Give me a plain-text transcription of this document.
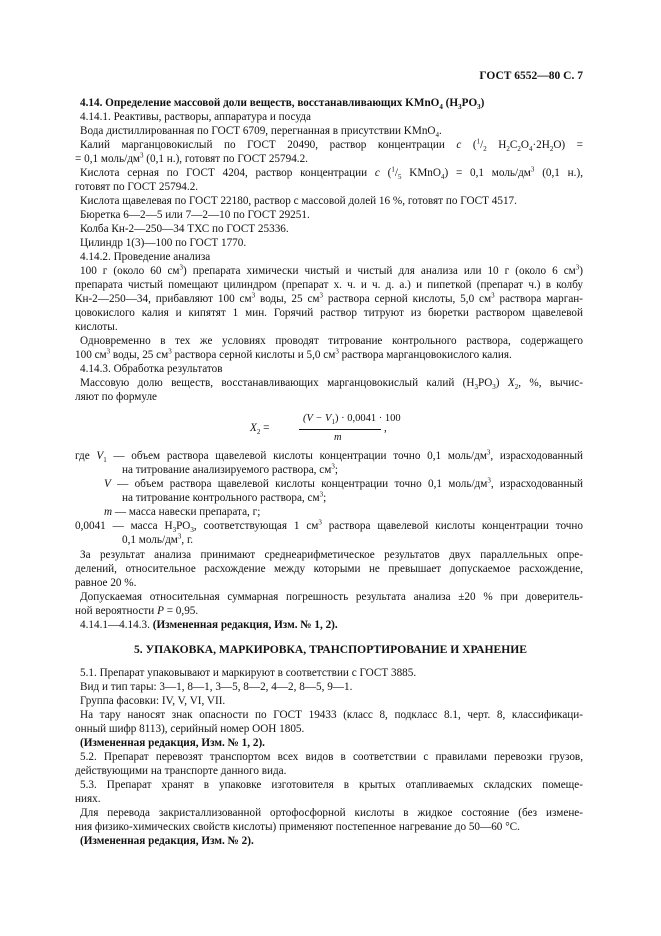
ГОСТ 6552—80 С. 7
4.14. Определение массовой доли веществ, восстанавливающих KMnO$_4$ $(H_3PO_3)$
4.14.1. Реактивы, растворы, аппаратура и посуда
Вода дистиллированная по ГОСТ 6709, перегнанная в присутствии KMnO$_4$.
Калий марганцовокислый по ГОСТ 20490, раствор концентрации c ($^1/_2$ $H_2C_2O_4\cdot 2H_2O$) =
= 0,1 моль/$дм^3$ (0,1 н.), готовят по ГОСТ 25794.2.
Кислота серная по ГОСТ 4204, раствор концентрации c ($^1/_5$ KMnO$_4$) = 0,1 моль/$дм^3$ (0,1 н.),
готовят по ГОСТ 25794.2.
Кислота щавелевая по ГОСТ 22180, раствор с массовой долей 16 %, готовят по ГОСТ 4517.
Бюретка 6—2—5 или 7—2—10 по ГОСТ 29251.
Колба Кн-2—250—34 ТХС по ГОСТ 25336.
Цилиндр 1(3)—100 по ГОСТ 1770.
4.14.2. Проведение анализа
100 г (около 60 $см^3$) препарата химически чистый и чистый для анализа или 10 г (около 6 $см^3$)
препарата чистый помещают цилиндром (препарат х. ч. и ч. д. а.) и пипеткой (препарат ч.) в колбу
Кн-2—250—34, прибавляют 100 $см^3$ воды, 25 $см^3$ раствора серной кислоты, 5,0 $см^3$ раствора марган-
цовокислого калия и кипятят 1 мин. Горячий раствор титруют из бюретки раствором щавелевой
кислоты.
Одновременно в тех же условиях проводят титрование контрольного раствора, содержащего
100 $см^3$ воды, 25 $см^3$ раствора серной кислоты и 5,0 $см^3$ раствора марганцовокислого калия.
4.14.3. Обработка результатов
Массовую долю веществ, восстанавливающих марганцовокислый калий $(H_3PO_3)$ $X_2$, %, вычис-
ляют по формуле
$X_2$ =
$(V - V_1) \cdot 0,0041 \cdot 100$
m
,
где $V_1$ — объем раствора щавелевой кислоты концентрации точно 0,1 моль/$дм^3$, израсходованный
на титрование анализируемого раствора, $см^3$;
V — объем раствора щавелевой кислоты концентрации точно 0,1 моль/$дм^3$, израсходованный
на титрование контрольного раствора, $см^3$;
m — масса навески препарата, г;
0,0041 — масса $H_3PO_3$, соответствующая 1 $см^3$ раствора щавелевой кислоты концентрации точно
0,1 моль/$дм^3$, г.
За результат анализа принимают среднеарифметическое результатов двух параллельных опре-
делений, относительное расхождение между которыми не превышает допускаемое расхождение,
равное 20 %.
Допускаемая относительная суммарная погрешность результата анализа ±20 % при доверитель-
ной вероятности P = 0,95.
4.14.1—4.14.3. (Измененная редакция, Изм. № 1, 2).
5. УПАКОВКА, МАРКИРОВКА, ТРАНСПОРТИРОВАНИЕ И ХРАНЕНИЕ
5.1. Препарат упаковывают и маркируют в соответствии с ГОСТ 3885.
Вид и тип тары: 3—1, 8—1, 3—5, 8—2, 4—2, 8—5, 9—1.
Группа фасовки: IV, V, VI, VII.
На тару наносят знак опасности по ГОСТ 19433 (класс 8, подкласс 8.1, черт. 8, классификаци-
онный шифр 8113), серийный номер ООН 1805.
(Измененная редакция, Изм. № 1, 2).
5.2. Препарат перевозят транспортом всех видов в соответствии с правилами перевозки грузов,
действующими на транспорте данного вида.
5.3. Препарат хранят в упаковке изготовителя в крытых отапливаемых складских помеще-
ниях.
Для перевода закристаллизованной ортофосфорной кислоты в жидкое состояние (без измене-
ния физико-химических свойств кислоты) применяют постепенное нагревание до 50—60 °С.
(Измененная редакция, Изм. № 2).
